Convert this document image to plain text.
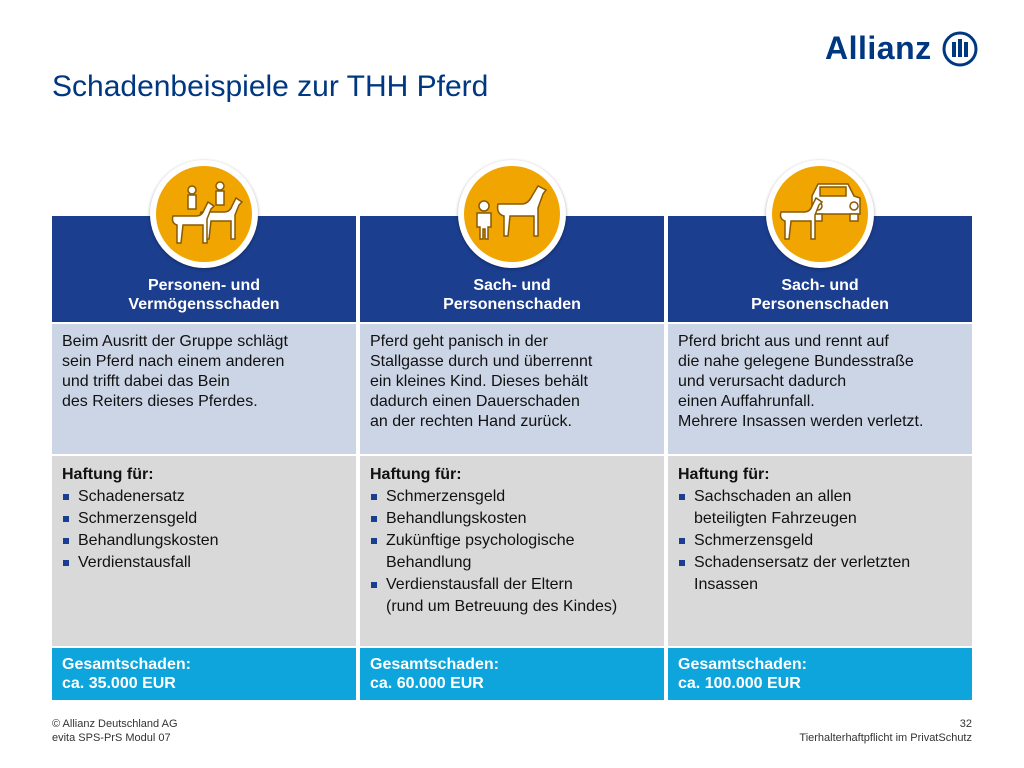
Allianz
Schadenbeispiele zur THH Pferd
Personen- und
Vermögensschaden
Beim Ausritt der Gruppe schlägt
sein Pferd nach einem anderen
und trifft dabei das Bein
des Reiters dieses Pferdes.
Haftung für:
Schadenersatz
Schmerzensgeld
Behandlungskosten
Verdienstausfall
Gesamtschaden:
ca. 35.000 EUR
Sach- und
Personenschaden
Pferd geht panisch in der
Stallgasse durch und überrennt
ein kleines Kind. Dieses behält
dadurch einen Dauerschaden
an der rechten Hand zurück.
Haftung für:
Schmerzensgeld
Behandlungskosten
Zukünftige psychologische
Behandlung
Verdienstausfall der Eltern
(rund um Betreuung des Kindes)
Gesamtschaden:
ca. 60.000 EUR
Sach- und
Personenschaden
Pferd bricht aus und rennt auf
die nahe gelegene Bundesstraße
und verursacht dadurch
einen Auffahrunfall.
Mehrere Insassen werden verletzt.
Haftung für:
Sachschaden an allen
beteiligten Fahrzeugen
Schmerzensgeld
Schadensersatz der verletzten
Insassen
Gesamtschaden:
ca. 100.000 EUR
© Allianz Deutschland AG
evita SPS-PrS Modul 07
32
Tierhalterhaftpflicht im PrivatSchutz
